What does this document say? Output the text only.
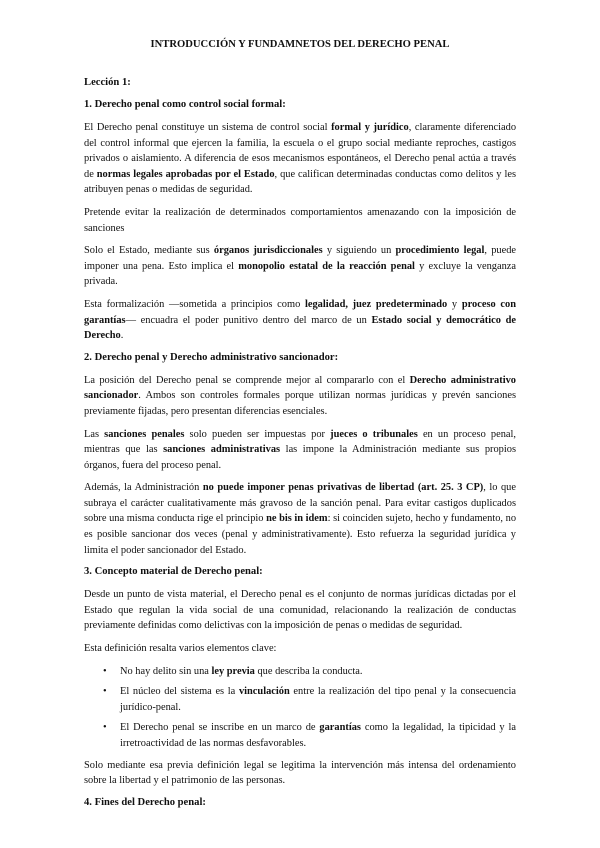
INTRODUCCIÓN Y FUNDAMNETOS DEL DERECHO PENAL
Lección 1:
1. Derecho penal como control social formal:

El Derecho penal constituye un sistema de control social formal y jurídico, claramente diferenciado del control informal que ejercen la familia, la escuela o el grupo social mediante reproches, castigos privados o aislamiento. A diferencia de esos mecanismos espontáneos, el Derecho penal actúa a través de normas legales aprobadas por el Estado, que califican determinadas conductas como delitos y les atribuyen penas o medidas de seguridad.

Pretende evitar la realización de determinados comportamientos amenazando con la imposición de sanciones

Solo el Estado, mediante sus órganos jurisdiccionales y siguiendo un procedimiento legal, puede imponer una pena. Esto implica el monopolio estatal de la reacción penal y excluye la venganza privada.

Esta formalización —sometida a principios como legalidad, juez predeterminado y proceso con garantías— encuadra el poder punitivo dentro del marco de un Estado social y democrático de Derecho.

2. Derecho penal y Derecho administrativo sancionador:

La posición del Derecho penal se comprende mejor al compararlo con el Derecho administrativo sancionador. Ambos son controles formales porque utilizan normas jurídicas y prevén sanciones previamente fijadas, pero presentan diferencias esenciales.

Las sanciones penales solo pueden ser impuestas por jueces o tribunales en un proceso penal, mientras que las sanciones administrativas las impone la Administración mediante sus propios órganos, fuera del proceso penal.

Además, la Administración no puede imponer penas privativas de libertad (art. 25. 3 CP), lo que subraya el carácter cualitativamente más gravoso de la sanción penal. Para evitar castigos duplicados sobre una misma conducta rige el principio ne bis in idem: si coinciden sujeto, hecho y fundamento, no es posible sancionar dos veces (penal y administrativamente). Esto refuerza la seguridad jurídica y limita el poder sancionador del Estado.

3. Concepto material de Derecho penal:

Desde un punto de vista material, el Derecho penal es el conjunto de normas jurídicas dictadas por el Estado que regulan la vida social de una comunidad, relacionando la realización de conductas previamente definidas como delictivas con la imposición de penas o medidas de seguridad.

Esta definición resalta varios elementos clave:

• No hay delito sin una ley previa que describa la conducta.
• El núcleo del sistema es la vinculación entre la realización del tipo penal y la consecuencia jurídico-penal.
• El Derecho penal se inscribe en un marco de garantías como la legalidad, la tipicidad y la irretroactividad de las normas desfavorables.

Solo mediante esa previa definición legal se legitima la intervención más intensa del ordenamiento sobre la libertad y el patrimonio de las personas.

4. Fines del Derecho penal:
